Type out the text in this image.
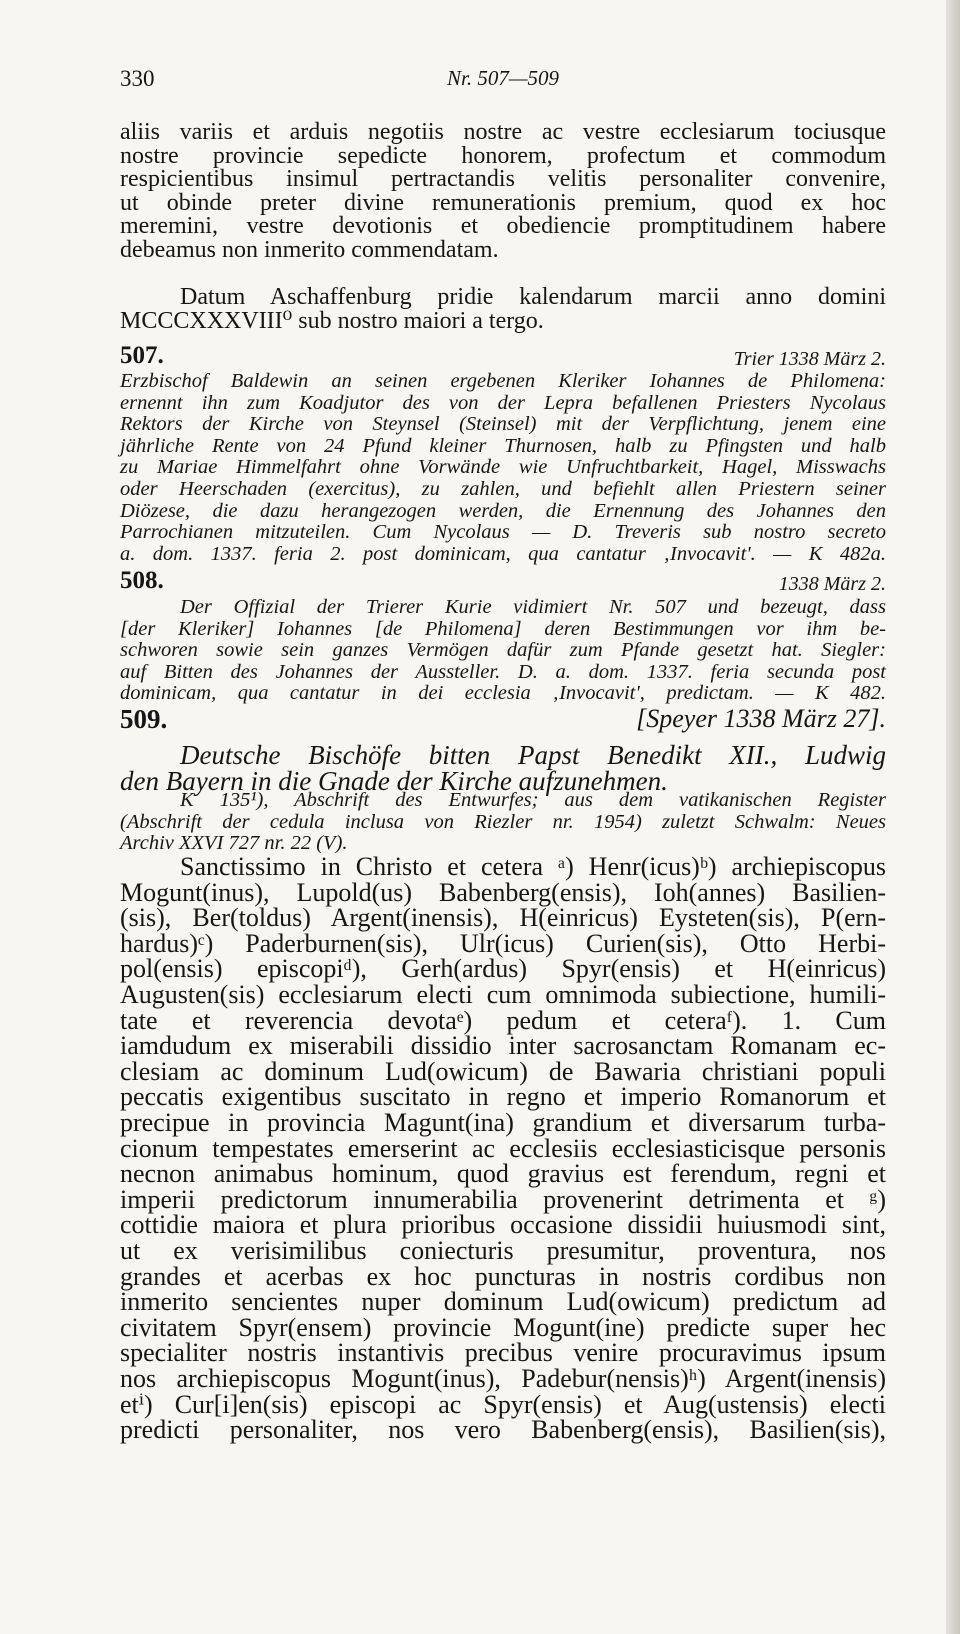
330	Nr. 507—509
aliis variis et arduis negotiis nostre ac vestre ecclesiarum tociusque
nostre provincie sepedicte honorem, profectum et commodum
respicientibus insimul pertractandis velitis personaliter convenire,
ut obinde preter divine remunerationis premium, quod ex hoc
meremini, vestre devotionis et obediencie promptitudinem habere
debeamus non inmerito commendatam.
Datum Aschaffenburg pridie kalendarum marcii anno domini
MCCCXXXVIII⁰ sub nostro maiori a tergo.
507.	Trier 1338 März 2.
Erzbischof Baldewin an seinen ergebenen Kleriker Iohannes de Philomena:
ernennt ihn zum Koadjutor des von der Lepra befallenen Priesters Nycolaus
Rektors der Kirche von Steynsel (Steinsel) mit der Verpflichtung, jenem eine
jährliche Rente von 24 Pfund kleiner Thurnosen, halb zu Pfingsten und halb
zu Mariae Himmelfahrt ohne Vorwände wie Unfruchtbarkeit, Hagel, Misswachs
oder Heerschaden (exercitus), zu zahlen, und befiehlt allen Priestern seiner
Diözese, die dazu herangezogen werden, die Ernennung des Johannes den
Parrochianen mitzuteilen. Cum Nycolaus — D. Treveris sub nostro secreto
a. dom. 1337. feria 2. post dominicam, qua cantatur ‚Invocavit'. — K 482a.
508.	1338 März 2.
Der Offizial der Trierer Kurie vidimiert Nr. 507 und bezeugt, dass
[der Kleriker] Iohannes [de Philomena] deren Bestimmungen vor ihm be-
schworen sowie sein ganzes Vermögen dafür zum Pfande gesetzt hat. Siegler:
auf Bitten des Johannes der Aussteller. D. a. dom. 1337. feria secunda post
dominicam, qua cantatur in dei ecclesia ‚Invocavit', predictam. — K 482.
509.	[Speyer 1338 März 27].
Deutsche Bischöfe bitten Papst Benedikt XII., Ludwig
den Bayern in die Gnade der Kirche aufzunehmen.
K 135¹), Abschrift des Entwurfes; aus dem vatikanischen Register
(Abschrift der cedula inclusa von Riezler nr. 1954) zuletzt Schwalm: Neues
Archiv XXVI 727 nr. 22 (V).
Sanctissimo in Christo et cetera ᵃ) Henr(icus)ᵇ) archiepiscopus
Mogunt(inus), Lupold(us) Babenberg(ensis), Ioh(annes) Basilien-
(sis), Ber(toldus) Argent(inensis), H(einricus) Eysteten(sis), P(ern-
hardus)ᶜ) Paderburnen(sis), Ulr(icus) Curien(sis), Otto Herbi-
pol(ensis) episcopiᵈ), Gerh(ardus) Spyr(ensis) et H(einricus)
Augusten(sis) ecclesiarum electi cum omnimoda subiectione, humili-
tate et reverencia devotaᵉ) pedum et ceteraᶠ). 1. Cum
iamdudum ex miserabili dissidio inter sacrosanctam Romanam ec-
clesiam ac dominum Lud(owicum) de Bawaria christiani populi
peccatis exigentibus suscitato in regno et imperio Romanorum et
precipue in provincia Magunt(ina) grandium et diversarum turba-
cionum tempestates emerserint ac ecclesiis ecclesiasticisque personis
necnon animabus hominum, quod gravius est ferendum, regni et
imperii predictorum innumerabilia provenerint detrimenta et ᵍ)
cottidie maiora et plura prioribus occasione dissidii huiusmodi sint,
ut ex verisimilibus coniecturis presumitur, proventura, nos
grandes et acerbas ex hoc puncturas in nostris cordibus non
inmerito sencientes nuper dominum Lud(owicum) predictum ad
civitatem Spyr(ensem) provincie Mogunt(ine) predicte super hec
specialiter nostris instantivis precibus venire procuravimus ipsum
nos archiepiscopus Mogunt(inus), Padebur(nensis)ʰ) Argent(inensis)
etⁱ) Cur[i]en(sis) episcopi ac Spyr(ensis) et Aug(ustensis) electi
predicti personaliter, nos vero Babenberg(ensis), Basilien(sis),
